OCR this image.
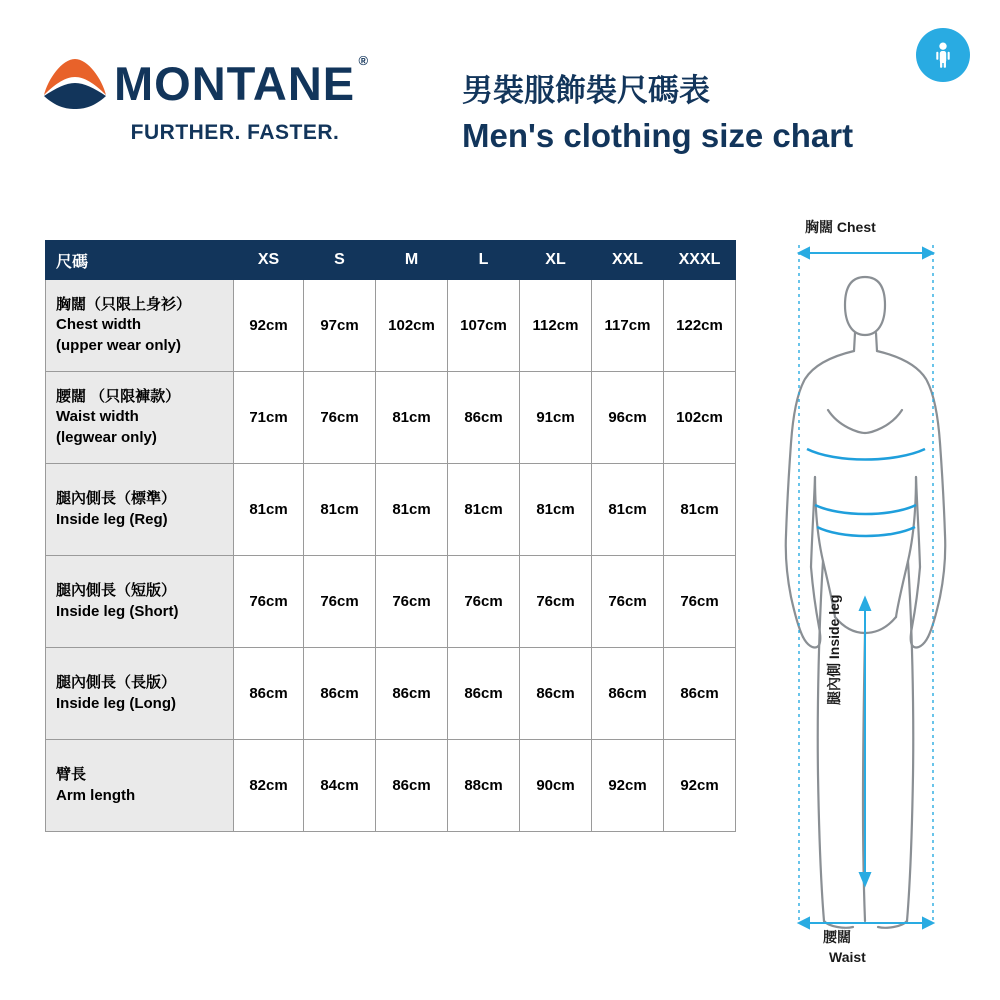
MONTANE ®
FURTHER. FASTER.
男裝服飾裝尺碼表
Men's clothing size chart
尺碼	XS	S	M	L	XL	XXL	XXXL

胸闊（只限上身衫）
Chest width
(upper wear only)	92cm	97cm	102cm	107cm	112cm	117cm	122cm

腰闊 （只限褲款）
Waist width
(legwear only)	71cm	76cm	81cm	86cm	91cm	96cm	102cm

腿內側長（標準）
Inside leg (Reg)	81cm	81cm	81cm	81cm	81cm	81cm	81cm

腿內側長（短版）
Inside leg (Short)	76cm	76cm	76cm	76cm	76cm	76cm	76cm

腿內側長（長版）
Inside leg (Long)	86cm	86cm	86cm	86cm	86cm	86cm	86cm

臂長
Arm length	82cm	84cm	86cm	88cm	90cm	92cm	92cm
胸闊 Chest
腿內側 Inside leg
腰闊
Waist
